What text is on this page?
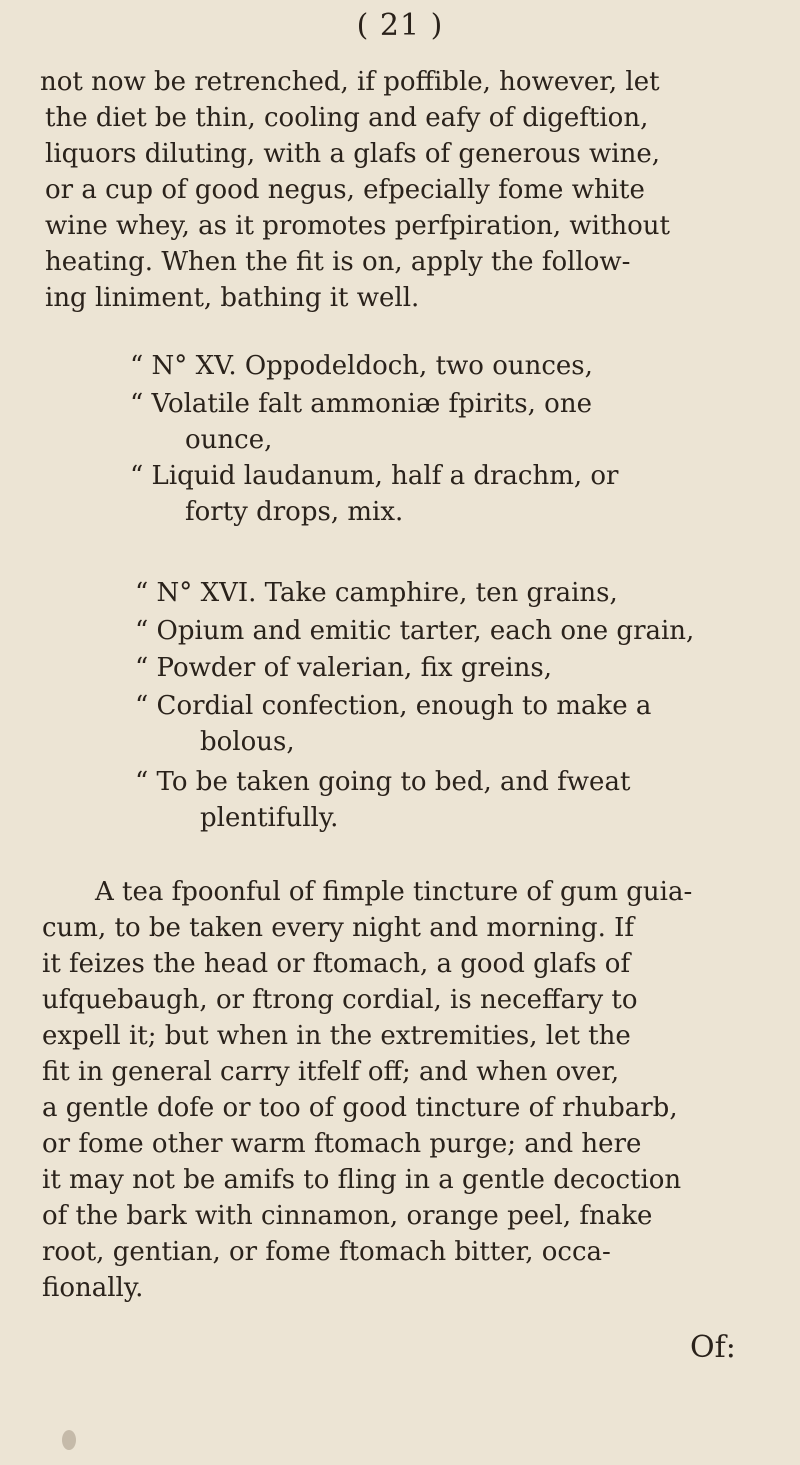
( 21 )
not now be retrenched, if poffible, however, let
the diet be thin, cooling and eafy of digeftion,
liquors diluting, with a glafs of generous wine,
or a cup of good negus, efpecially fome white
wine whey, as it promotes perfpiration, without
heating. When the fit is on, apply the follow-
ing liniment, bathing it well.
“ N° XV. Oppodeldoch, two ounces,
“ Volatile falt ammoniæ fpirits, one
ounce,
“ Liquid laudanum, half a drachm, or
forty drops, mix.
“ N° XVI. Take camphire, ten grains,
“ Opium and emitic tarter, each one grain,
“ Powder of valerian, fix greins,
“ Cordial confection, enough to make a
bolous,
“ To be taken going to bed, and fweat
plentifully.
A tea fpoonful of fimple tincture of gum guia-
cum, to be taken every night and morning. If
it feizes the head or ftomach, a good glafs of
ufquebaugh, or ftrong cordial, is neceffary to
expell it; but when in the extremities, let the
fit in general carry itfelf off; and when over,
a gentle dofe or too of good tincture of rhubarb,
or fome other warm ftomach purge; and here
it may not be amifs to fling in a gentle decoction
of the bark with cinnamon, orange peel, fnake
root, gentian, or fome ftomach bitter, occa-
fionally.
Of:
